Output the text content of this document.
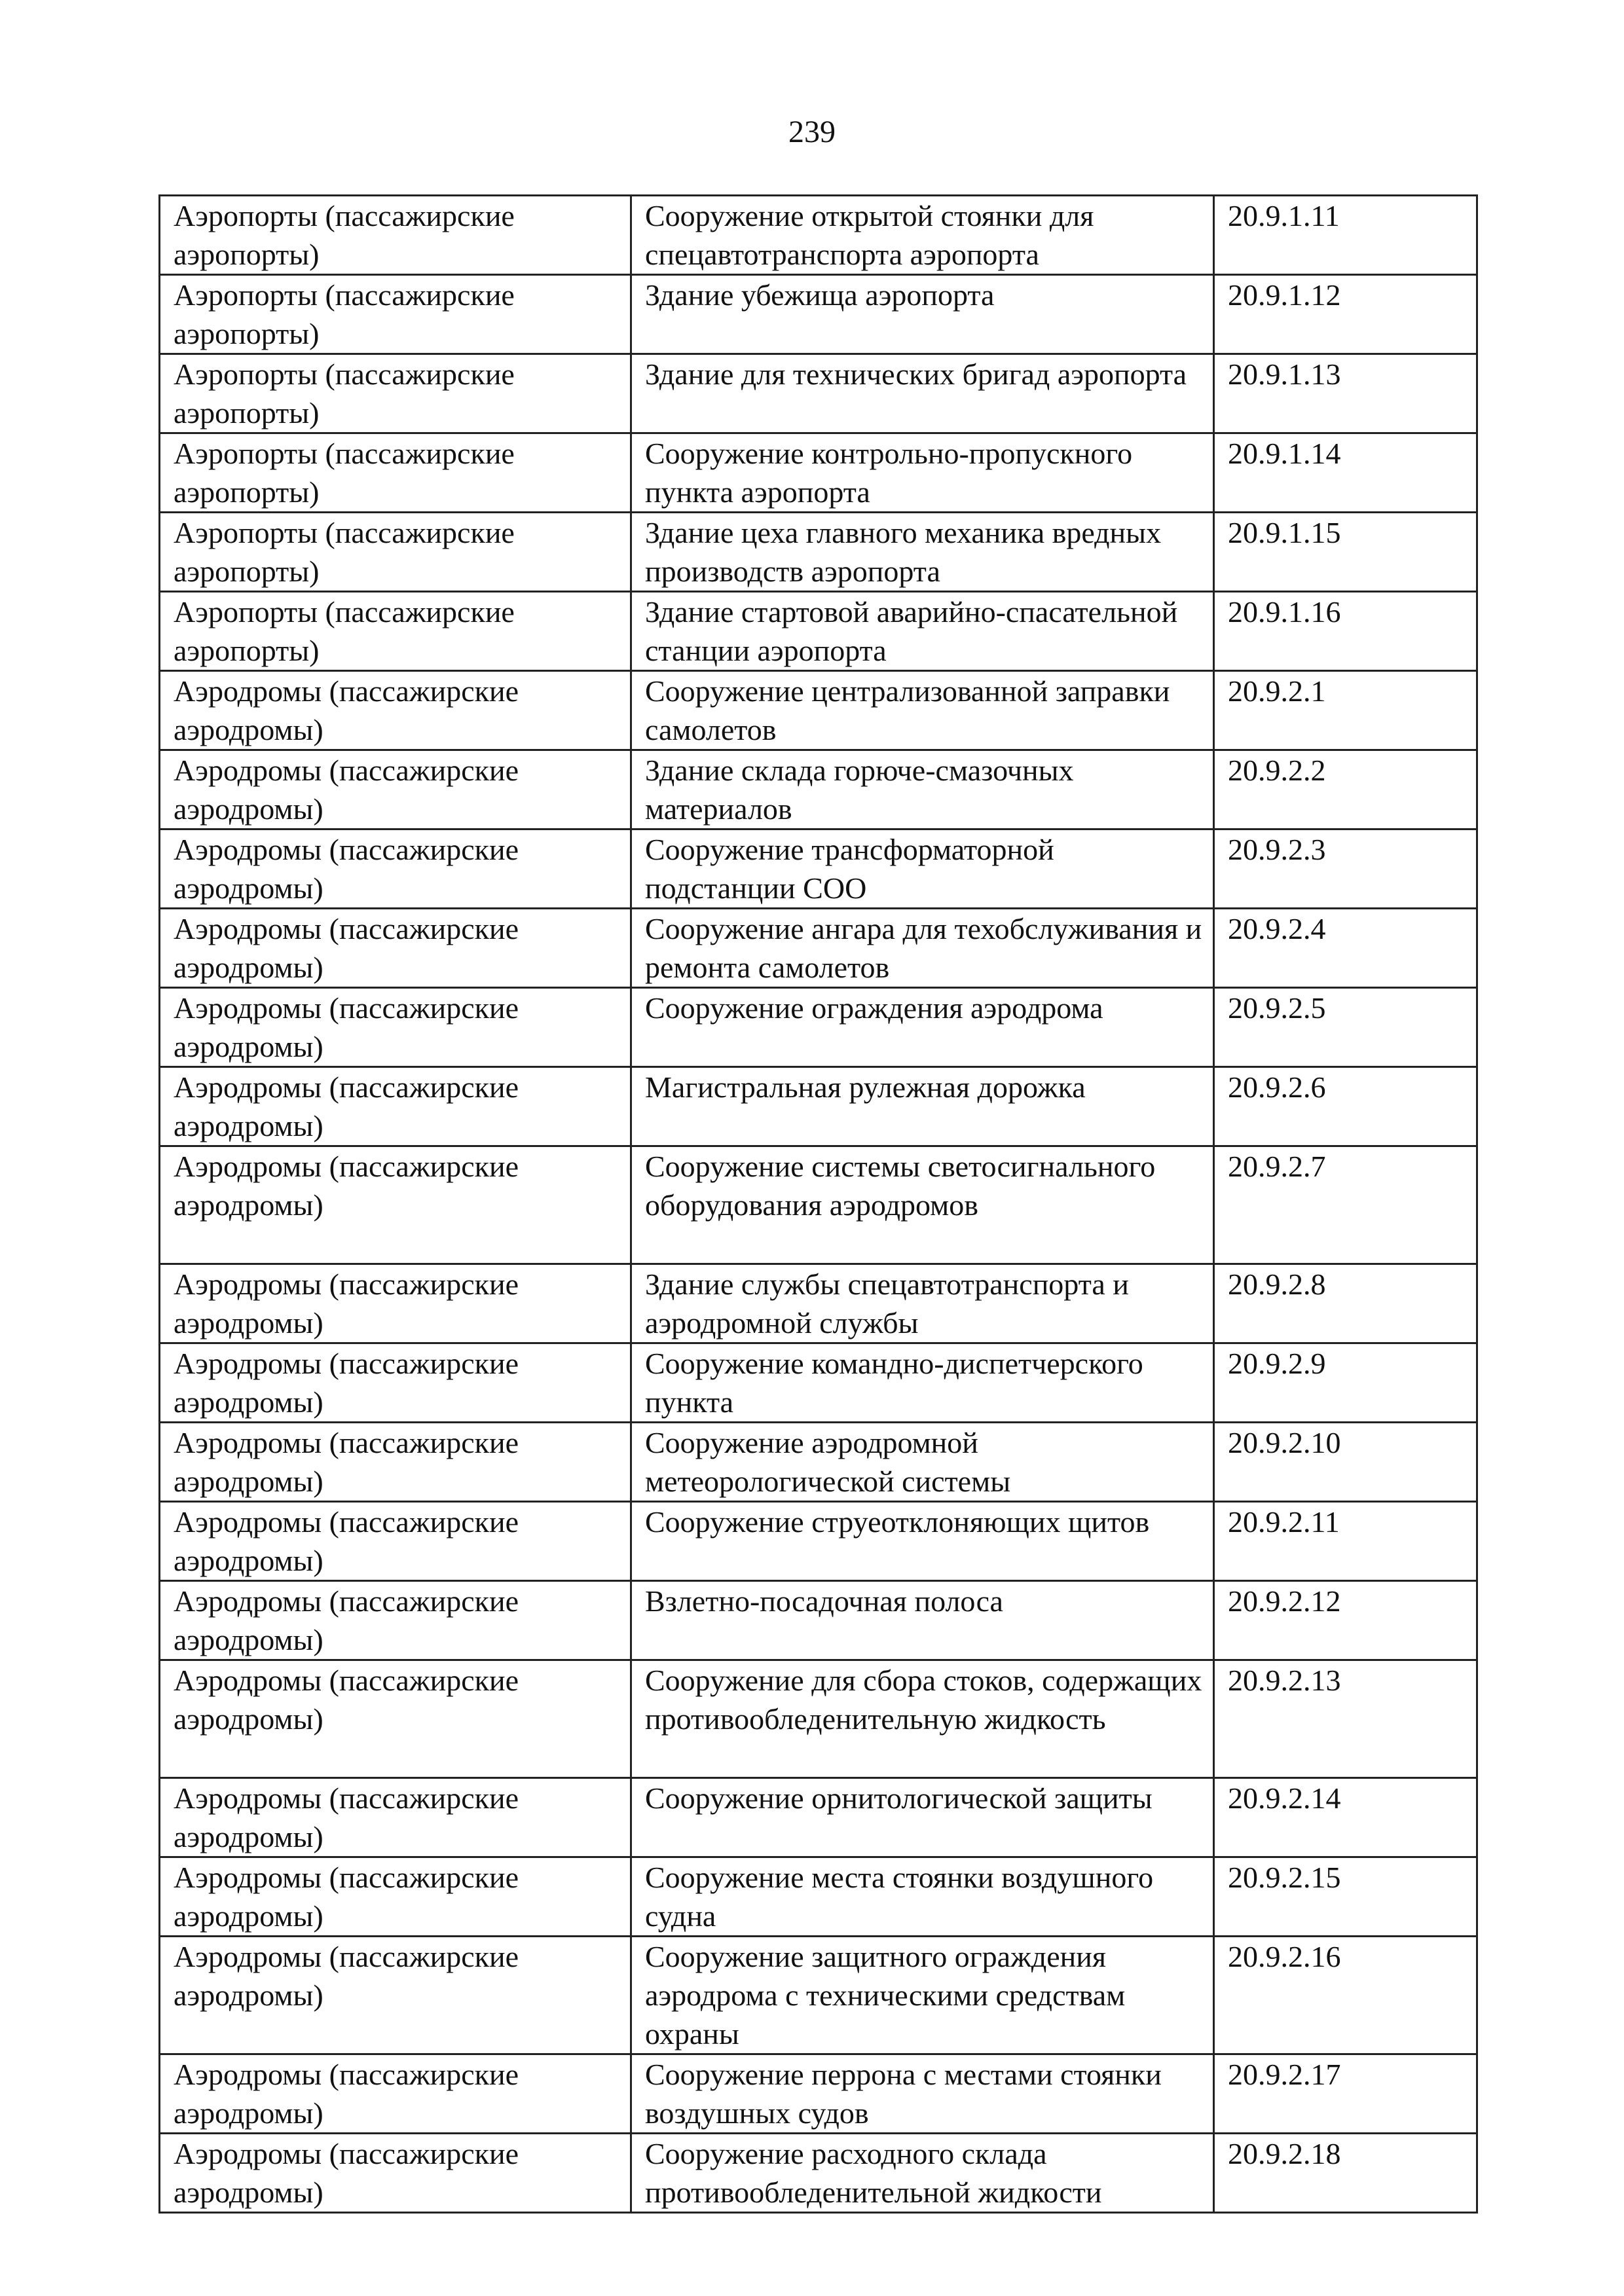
239
Аэропорты (пассажирские аэропорты)	Сооружение открытой стоянки для спецавтотранспорта аэропорта	20.9.1.11
Аэропорты (пассажирские аэропорты)	Здание убежища аэропорта	20.9.1.12
Аэропорты (пассажирские аэропорты)	Здание для технических бригад аэропорта	20.9.1.13
Аэропорты (пассажирские аэропорты)	Сооружение контрольно-пропускного пункта аэропорта	20.9.1.14
Аэропорты (пассажирские аэропорты)	Здание цеха главного механика вредных производств аэропорта	20.9.1.15
Аэропорты (пассажирские аэропорты)	Здание стартовой аварийно-спасательной станции аэропорта	20.9.1.16
Аэродромы (пассажирские аэродромы)	Сооружение централизованной заправки самолетов	20.9.2.1
Аэродромы (пассажирские аэродромы)	Здание склада горюче-смазочных материалов	20.9.2.2
Аэродромы (пассажирские аэродромы)	Сооружение трансформаторной подстанции СОО	20.9.2.3
Аэродромы (пассажирские аэродромы)	Сооружение ангара для техобслуживания и ремонта самолетов	20.9.2.4
Аэродромы (пассажирские аэродромы)	Сооружение ограждения аэродрома	20.9.2.5
Аэродромы (пассажирские аэродромы)	Магистральная рулежная дорожка	20.9.2.6
Аэродромы (пассажирские аэродромы)	Сооружение системы светосигнального оборудования аэродромов	20.9.2.7
Аэродромы (пассажирские аэродромы)	Здание службы спецавтотранспорта и аэродромной службы	20.9.2.8
Аэродромы (пассажирские аэродромы)	Сооружение командно-диспетчерского пункта	20.9.2.9
Аэродромы (пассажирские аэродромы)	Сооружение аэродромной метеорологической системы	20.9.2.10
Аэродромы (пассажирские аэродромы)	Сооружение струеотклоняющих щитов	20.9.2.11
Аэродромы (пассажирские аэродромы)	Взлетно-посадочная полоса	20.9.2.12
Аэродромы (пассажирские аэродромы)	Сооружение для сбора стоков, содержащих противообледенительную жидкость	20.9.2.13
Аэродромы (пассажирские аэродромы)	Сооружение орнитологической защиты	20.9.2.14
Аэродромы (пассажирские аэродромы)	Сооружение места стоянки воздушного судна	20.9.2.15
Аэродромы (пассажирские аэродромы)	Сооружение защитного ограждения аэродрома с техническими средствам охраны	20.9.2.16
Аэродромы (пассажирские аэродромы)	Сооружение перрона с местами стоянки воздушных судов	20.9.2.17
Аэродромы (пассажирские аэродромы)	Сооружение расходного склада противообледенительной жидкости	20.9.2.18
